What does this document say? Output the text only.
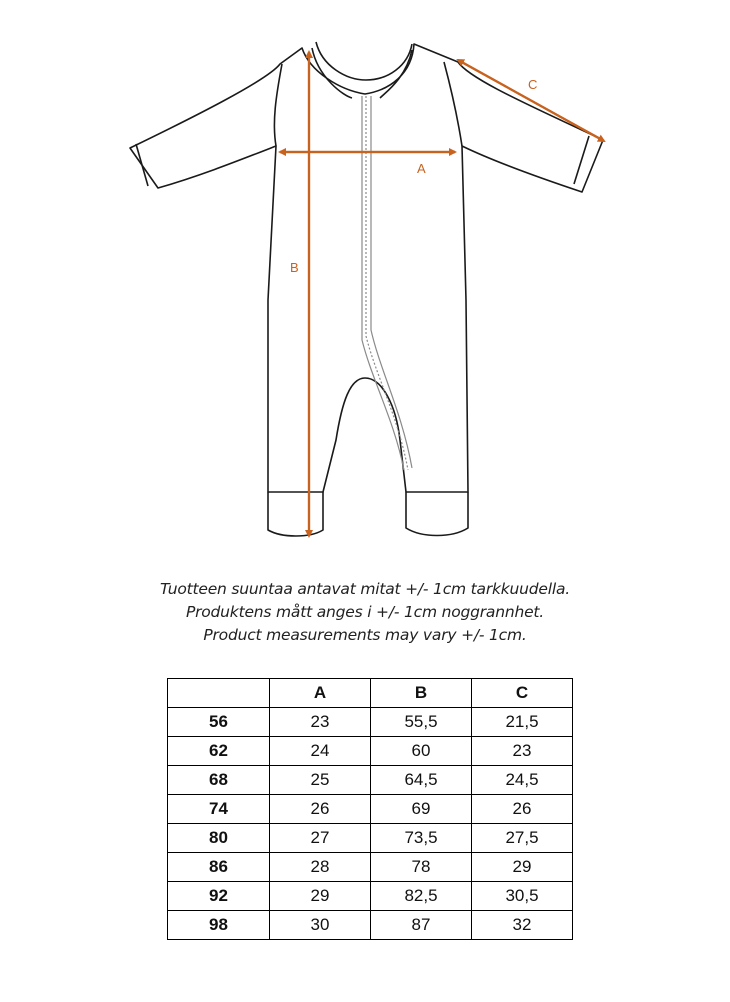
A
B
C
Tuotteen suuntaa antavat mitat +/- 1cm tarkkuudella.
Produktens mått anges i +/- 1cm noggrannhet.
Product measurements may vary +/- 1cm.
	A	B	C
56	23	55,5	21,5
62	24	60	23
68	25	64,5	24,5
74	26	69	26
80	27	73,5	27,5
86	28	78	29
92	29	82,5	30,5
98	30	87	32
